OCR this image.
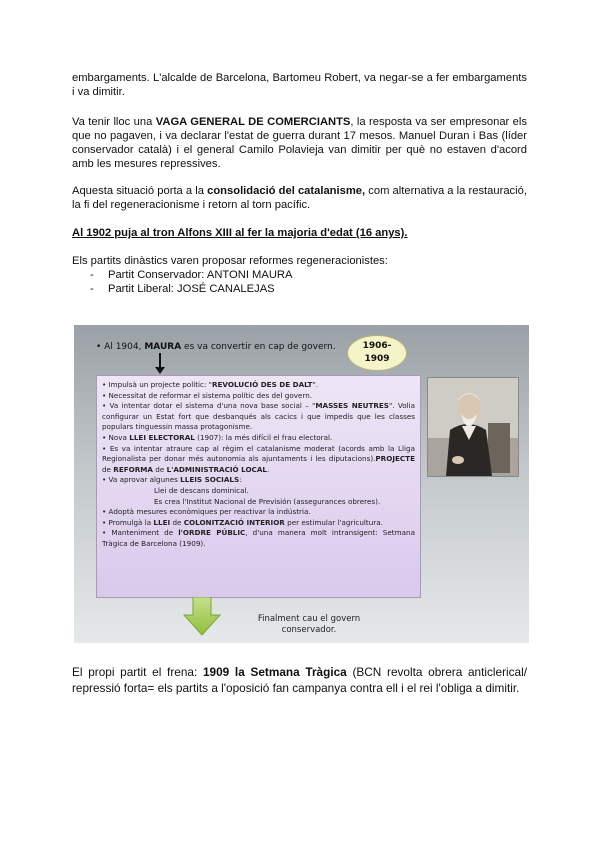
embargaments. L'alcalde de Barcelona, Bartomeu Robert, va negar-se a fer embargaments i va dimitir.

Va tenir lloc una VAGA GENERAL DE COMERCIANTS, la resposta va ser empresonar els que no pagaven, i va declarar l'estat de guerra durant 17 mesos. Manuel Duran i Bas (líder conservador català) i el general Camilo Polavieja van dimitir per què no estaven d'acord amb les mesures repressives.

Aquesta situació porta a la consolidació del catalanisme, com alternativa a la restauració, la fi del regeneracionisme i retorn al torn pacífic.

Al 1902 puja al tron Alfons XIII al fer la majoria d'edat (16 anys).

Els partits dinàstics varen proposar reformes regeneracionistes:

- Partit Conservador: ANTONI MAURA
- Partit Liberal: JOSÉ CANALEJAS
• Al 1904, MAURA es va convertir en cap de govern.	1906-
1909

• Impulsà un projecte polític: "REVOLUCIÓ DES DE DALT".

• Necessitat de reformar el sistema polític des del govern.

• Va intentar dotar el sistema d'una nova base social – "MASSES NEUTRES". Volia configurar un Estat fort que desbanqués als cacics i que impedís que les classes populars tinguessin massa protagonisme.

• Nova LLEI ELECTORAL (1907): la més difícil el frau electoral.

• Es va intentar atraure cap al règim el catalanisme moderat (acords amb la Lliga Regionalista per donar més autonomia als ajuntaments i les diputacions).PROJECTE de REFORMA de L'ADMINISTRACIÓ LOCAL.

• Va aprovar algunes LLEIS SOCIALS:

Llei de descans dominical.

Es crea l'Institut Nacional de Previsión (assegurances obreres).

• Adoptà mesures econòmiques per reactivar la indústria.

• Promulgà la LLEI de COLONITZACIÓ INTERIOR per estimular l'agricultura.

• Manteniment de l'ORDRE PÚBLIC, d'una manera molt intransigent: Setmana Tràgica de Barcelona (1909).

Finalment cau el govern conservador.

El propi partit el frena: 1909 la Setmana Tràgica (BCN revolta obrera anticlerical/ repressió forta= els partits a l'oposició fan campanya contra ell i el rei l'obliga a dimitir.
